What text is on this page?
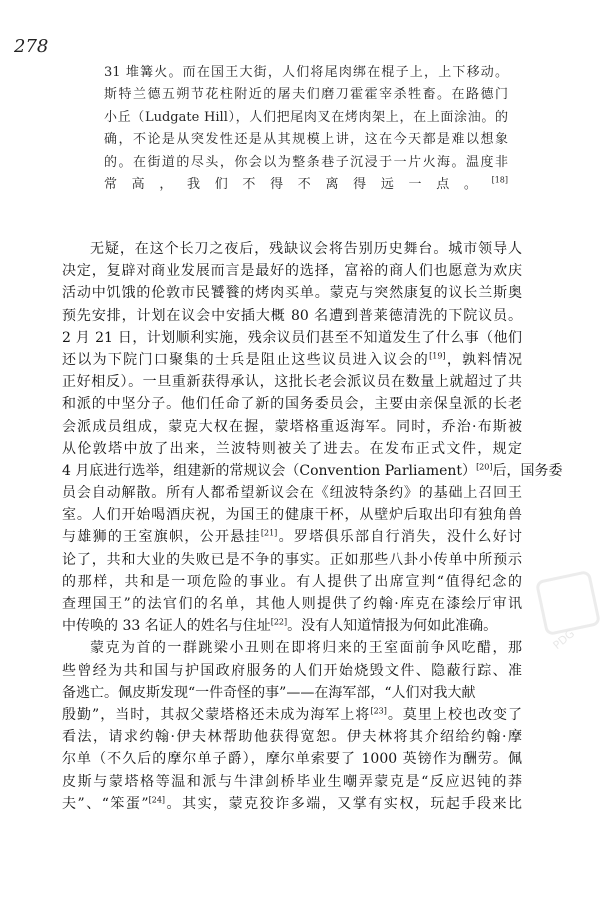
278
31 堆篝火。而在国王大街，人们将尾肉绑在棍子上，上下移动。
斯特兰德五朔节花柱附近的屠夫们磨刀霍霍宰杀牲畜。在路德门
小丘（Ludgate Hill），人们把尾肉叉在烤肉架上，在上面涂油。的
确，不论是从突发性还是从其规模上讲，这在今天都是难以想象
的。在街道的尽头，你会以为整条巷子沉浸于一片火海。温度非
常高，我们不得不离得远一点。[18]
无疑，在这个长刀之夜后，残缺议会将告别历史舞台。城市领导人
决定，复辟对商业发展而言是最好的选择，富裕的商人们也愿意为欢庆
活动中饥饿的伦敦市民饕餮的烤肉买单。蒙克与突然康复的议长兰斯奥
预先安排，计划在议会中安插大概 80 名遭到普莱德清洗的下院议员。
2 月 21 日，计划顺利实施，残余议员们甚至不知道发生了什么事（他们
还以为下院门口聚集的士兵是阻止这些议员进入议会的[19]，孰料情况
正好相反）。一旦重新获得承认，这批长老会派议员在数量上就超过了共
和派的中坚分子。他们任命了新的国务委员会，主要由亲保皇派的长老
会派成员组成，蒙克大权在握，蒙塔格重返海军。同时，乔治·布斯被
从伦敦塔中放了出来，兰波特则被关了进去。在发布正式文件，规定
4 月底进行选举，组建新的常规议会（Convention Parliament）[20]后，国务委
员会自动解散。所有人都希望新议会在《纽波特条约》的基础上召回王
室。人们开始喝酒庆祝，为国王的健康干杯，从壁炉后取出印有独角兽
与雄狮的王室旗帜，公开悬挂[21]。罗塔俱乐部自行消失，没什么好讨
论了，共和大业的失败已是不争的事实。正如那些八卦小传单中所预示
的那样，共和是一项危险的事业。有人提供了出席宣判“值得纪念的
查理国王”的法官们的名单，其他人则提供了约翰·库克在漆绘厅审讯
中传唤的 33 名证人的姓名与住址[22]。没有人知道情报为何如此准确。
蒙克为首的一群跳梁小丑则在即将归来的王室面前争风吃醋，那
些曾经为共和国与护国政府服务的人们开始烧毁文件、隐蔽行踪、准
备逃亡。佩皮斯发现“一件奇怪的事”——在海军部，“人们对我大献
殷勤”，当时，其叔父蒙塔格还未成为海军上将[23]。莫里上校也改变了
看法，请求约翰·伊夫林帮助他获得宽恕。伊夫林将其介绍给约翰·摩
尔单（不久后的摩尔单子爵），摩尔单索要了 1000 英镑作为酬劳。佩
皮斯与蒙塔格等温和派与牛津剑桥毕业生嘲弄蒙克是“反应迟钝的莽
夫”、“笨蛋”[24]。其实，蒙克狡诈多端，又掌有实权，玩起手段来比
PDG
